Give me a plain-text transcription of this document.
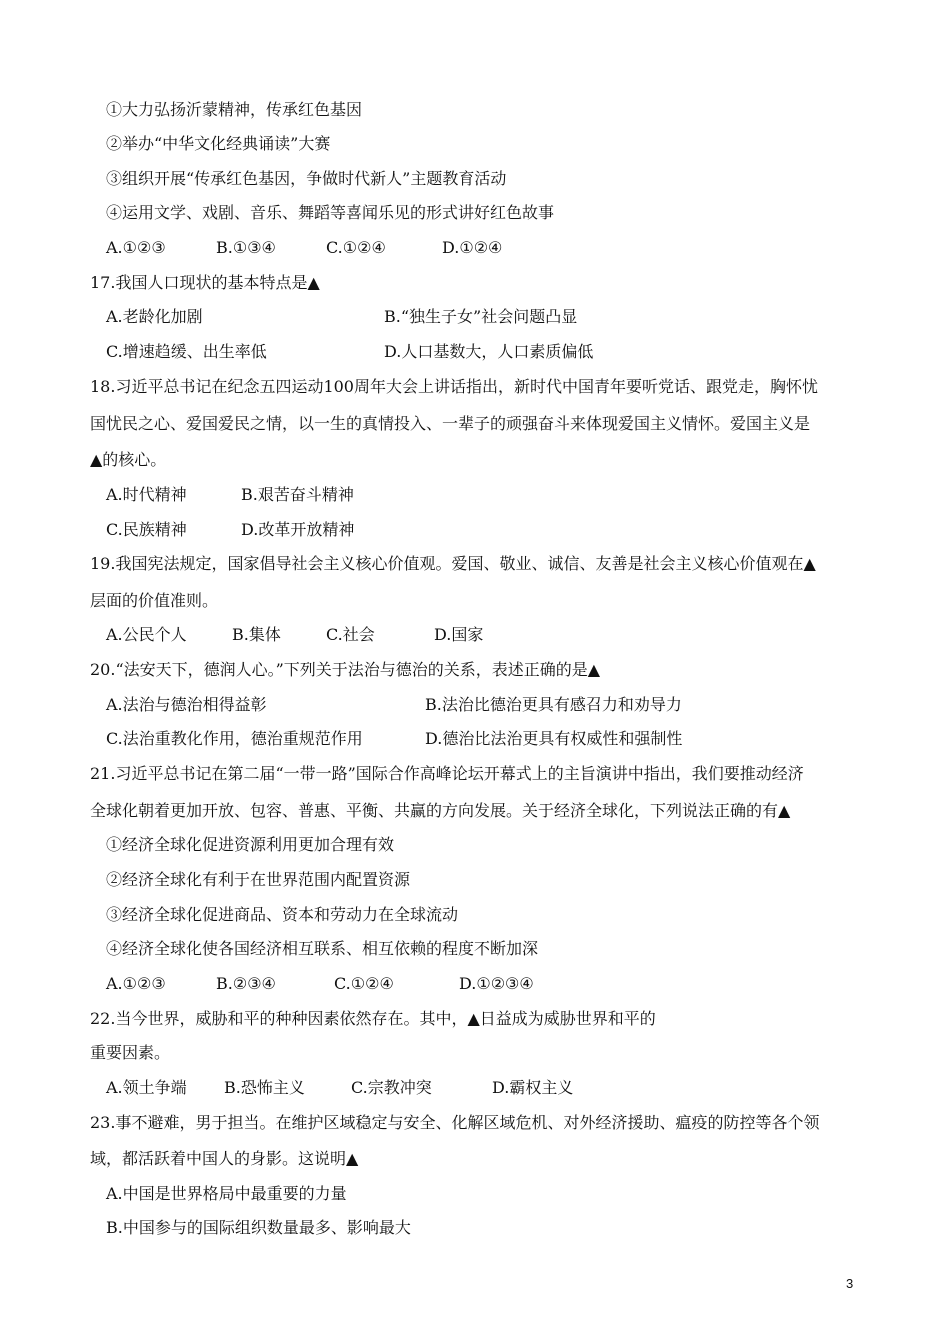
①大力弘扬沂蒙精神，传承红色基因
②举办“中华文化经典诵读”大赛
③组织开展“传承红色基因，争做时代新人”主题教育活动
④运用文学、戏剧、音乐、舞蹈等喜闻乐见的形式讲好红色故事
A.①②③	B.①③④	C.①②④	D.①②④
17.我国人口现状的基本特点是▲
A.老龄化加剧	B.“独生子女”社会问题凸显
C.增速趋缓、出生率低	D.人口基数大，人口素质偏低
18.习近平总书记在纪念五四运动100周年大会上讲话指出，新时代中国青年要听党话、跟党走，胸怀忧
国忧民之心、爱国爱民之情，以一生的真情投入、一辈子的顽强奋斗来体现爱国主义情怀。爱国主义是
▲的核心。
A.时代精神	B.艰苦奋斗精神
C.民族精神	D.改革开放精神
19.我国宪法规定，国家倡导社会主义核心价值观。爱国、敬业、诚信、友善是社会主义核心价值观在▲
层面的价值准则。
A.公民个人	B.集体	C.社会	D.国家
20.“法安天下，德润人心。”下列关于法治与德治的关系，表述正确的是▲
A.法治与德治相得益彰	B.法治比德治更具有感召力和劝导力
C.法治重教化作用，德治重规范作用	D.德治比法治更具有权威性和强制性
21.习近平总书记在第二届“一带一路”国际合作高峰论坛开幕式上的主旨演讲中指出，我们要推动经济
全球化朝着更加开放、包容、普惠、平衡、共赢的方向发展。关于经济全球化，下列说法正确的有▲
①经济全球化促进资源利用更加合理有效
②经济全球化有利于在世界范围内配置资源
③经济全球化促进商品、资本和劳动力在全球流动
④经济全球化使各国经济相互联系、相互依赖的程度不断加深
A.①②③	B.②③④	C.①②④	D.①②③④
22.当今世界，威胁和平的种种因素依然存在。其中，▲日益成为威胁世界和平的
重要因素。
A.领土争端 B.恐怖主义	C.宗教冲突	D.霸权主义
23.事不避难，男于担当。在维护区域稳定与安全、化解区域危机、对外经济援助、瘟疫的防控等各个领
域，都活跃着中国人的身影。这说明▲
A.中国是世界格局中最重要的力量
B.中国参与的国际组织数量最多、影响最大
3
